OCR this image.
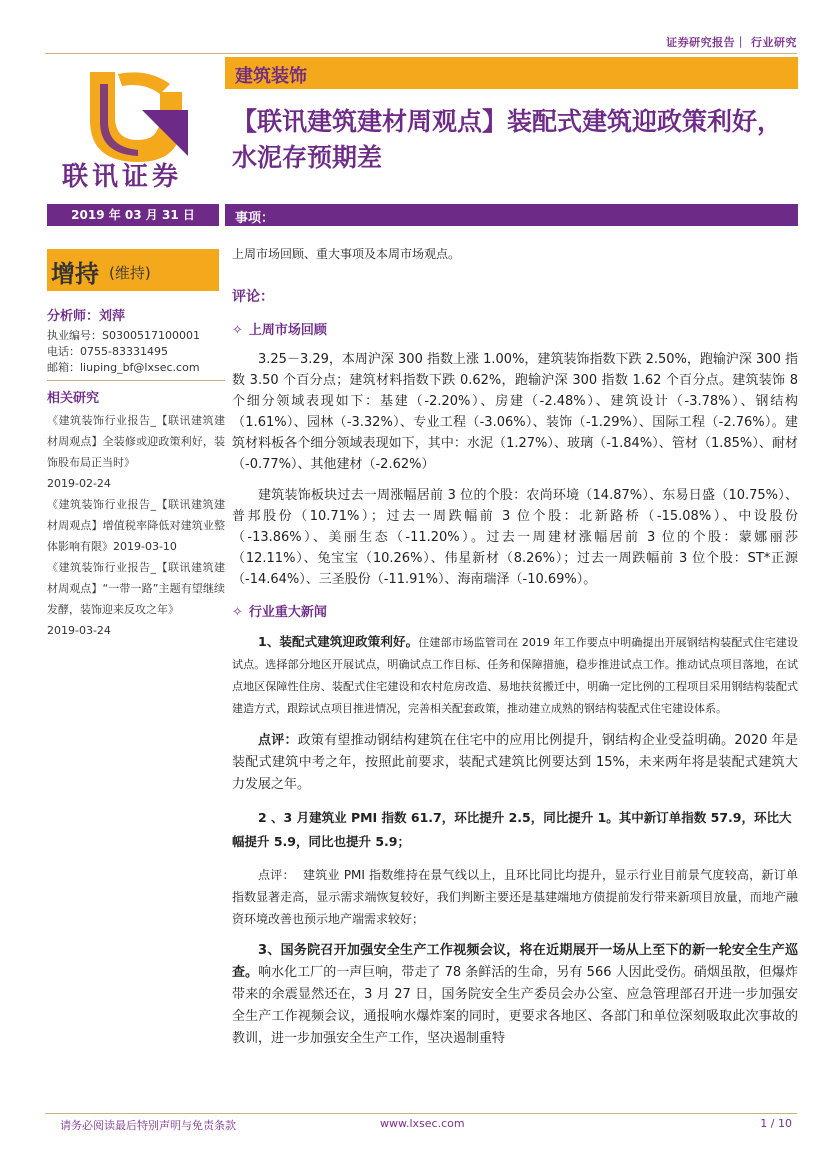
证券研究报告｜ 行业研究
联讯证券
建筑装饰
【联讯建筑建材周观点】装配式建筑迎政策利好，水泥存预期差
2019 年 03 月 31 日	事项：
增持 (维持)
分析师：刘萍
执业编号：S0300517100001
电话：0755-83331495
邮箱：liuping_bf@lxsec.com
相关研究
《建筑装饰行业报告_【联讯建筑建材周观点】全装修或迎政策利好，装饰股布局正当时》
2019-02-24
《建筑装饰行业报告_【联讯建筑建材周观点】增值税率降低对建筑业整体影响有限》2019-03-10
《建筑装饰行业报告_【联讯建筑建材周观点】“一带一路”主题有望继续发酵，装饰迎来反攻之年》
2019-03-24

上周市场回顾、重大事项及本周市场观点。

评论：

✧ 上周市场回顾

3.25－3.29，本周沪深 300 指数上涨 1.00%，建筑装饰指数下跌 2.50%，跑输沪深 300 指数 3.50 个百分点；建筑材料指数下跌 0.62%，跑输沪深 300 指数 1.62 个百分点。建筑装饰 8 个细分领域表现如下：基建（-2.20%）、房建（-2.48%）、建筑设计（-3.78%）、钢结构（1.61%）、园林（-3.32%）、专业工程（-3.06%）、装饰（-1.29%）、国际工程（-2.76%）。建筑材料板各个细分领域表现如下，其中：水泥（1.27%）、玻璃（-1.84%）、管材（1.85%）、耐材（-0.77%）、其他建材（-2.62%）

建筑装饰板块过去一周涨幅居前 3 位的个股：农尚环境（14.87%）、东易日盛（10.75%）、普邦股份（10.71%）；过去一周跌幅前 3 位个股：北新路桥（-15.08%）、中设股份（-13.86%）、美丽生态（-11.20%）。过去一周建材涨幅居前 3 位的个股：蒙娜丽莎（12.11%）、兔宝宝（10.26%）、伟星新材（8.26%）；过去一周跌幅前 3 位个股：ST*正源（-14.64%）、三圣股份（-11.91%）、海南瑞泽（-10.69%）。

✧ 行业重大新闻

1、装配式建筑迎政策利好。住建部市场监管司在 2019 年工作要点中明确提出开展钢结构装配式住宅建设试点。选择部分地区开展试点，明确试点工作目标、任务和保障措施，稳步推进试点工作。推动试点项目落地，在试点地区保障性住房、装配式住宅建设和农村危房改造、易地扶贫搬迁中，明确一定比例的工程项目采用钢结构装配式建造方式，跟踪试点项目推进情况，完善相关配套政策，推动建立成熟的钢结构装配式住宅建设体系。

点评：政策有望推动钢结构建筑在住宅中的应用比例提升，钢结构企业受益明确。2020 年是装配式建筑中考之年，按照此前要求，装配式建筑比例要达到 15%，未来两年将是装配式建筑大力发展之年。

2 、3 月建筑业 PMI 指数 61.7，环比提升 2.5，同比提升 1。其中新订单指数 57.9，环比大幅提升 5.9，同比也提升 5.9；

点评： 建筑业 PMI 指数维持在景气线以上，且环比同比均提升，显示行业目前景气度较高，新订单指数显著走高，显示需求端恢复较好，我们判断主要还是基建端地方债提前发行带来新项目放量，而地产融资环境改善也预示地产端需求较好；

3、国务院召开加强安全生产工作视频会议，将在近期展开一场从上至下的新一轮安全生产巡查。响水化工厂的一声巨响，带走了 78 条鲜活的生命，另有 566 人因此受伤。硝烟虽散，但爆炸带来的余震显然还在，3 月 27 日，国务院安全生产委员会办公室、应急管理部召开进一步加强安全生产工作视频会议，通报响水爆炸案的同时，更要求各地区、各部门和单位深刻吸取此次事故的教训，进一步加强安全生产工作，坚决遏制重特

请务必阅读最后特别声明与免责条款	www.lxsec.com	1 / 10
